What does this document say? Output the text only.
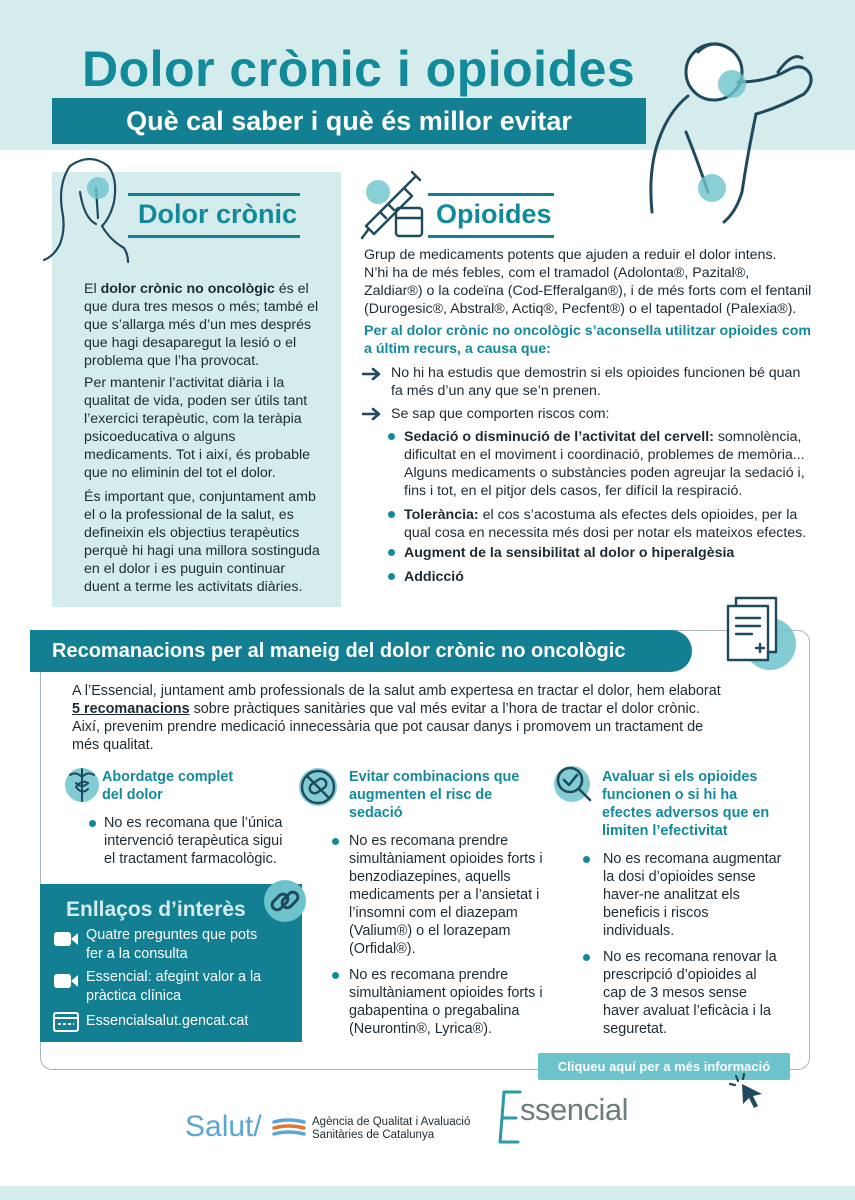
Dolor crònic i opioides
Què cal saber i què és millor evitar
Dolor crònic
El dolor crònic no oncològic és el
que dura tres mesos o més; també el
que s’allarga més d’un mes després
que hagi desaparegut la lesió o el
problema que l’ha provocat.
Per mantenir l’activitat diària i la
qualitat de vida, poden ser útils tant
l’exercici terapèutic, com la teràpia
psicoeducativa o alguns
medicaments. Tot i així, és probable
que no eliminin del tot el dolor.
És important que, conjuntament amb
el o la professional de la salut, es
defineixin els objectius terapèutics
perquè hi hagi una millora sostinguda
en el dolor i es puguin continuar
duent a terme les activitats diàries.
Opioides
Grup de medicaments potents que ajuden a reduir el dolor intens.
N’hi ha de més febles, com el tramadol (Adolonta®, Pazital®,
Zaldiar®) o la codeïna (Cod-Efferalgan®), i de més forts com el fentanil
(Durogesic®, Abstral®, Actiq®, Pecfent®) o el tapentadol (Palexia®).
Per al dolor crònic no oncològic s’aconsella utilitzar opioides com
a últim recurs, a causa que:
No hi ha estudis que demostrin si els opioides funcionen bé quan
fa més d’un any que se’n prenen.
Se sap que comporten riscos com:
Sedació o disminució de l’activitat del cervell: somnolència,
dificultat en el moviment i coordinació, problemes de memòria...
Alguns medicaments o substàncies poden agreujar la sedació i,
fins i tot, en el pitjor dels casos, fer difícil la respiració.
Tolerància: el cos s’acostuma als efectes dels opioides, per la
qual cosa en necessita més dosi per notar els mateixos efectes.
Augment de la sensibilitat al dolor o hiperalgèsia
Addicció
Recomanacions per al maneig del dolor crònic no oncològic
A l’Essencial, juntament amb professionals de la salut amb expertesa en tractar el dolor, hem elaborat
5 recomanacions sobre pràctiques sanitàries que val més evitar a l’hora de tractar el dolor crònic.
Així, prevenim prendre medicació innecessària que pot causar danys i promovem un tractament de
més qualitat.
Abordatge complet
del dolor
No es recomana que l’única
intervenció terapèutica sigui
el tractament farmacològic.
Evitar combinacions que
augmenten el risc de
sedació
No es recomana prendre
simultàniament opioides forts i
benzodiazepines, aquells
medicaments per a l’ansietat i
l’insomni com el diazepam
(Valium®) o el lorazepam
(Orfidal®).
No es recomana prendre
simultàniament opioides forts i
gabapentina o pregabalina
(Neurontin®, Lyrica®).
Avaluar si els opioides
funcionen o si hi ha
efectes adversos que en
limiten l’efectivitat
No es recomana augmentar
la dosi d’opioides sense
haver-ne analitzat els
beneficis i riscos
individuals.
No es recomana renovar la
prescripció d’opioides al
cap de 3 mesos sense
haver avaluat l’eficàcia i la
seguretat.
Enllaços d’interès
Quatre preguntes que pots
fer a la consulta
Essencial: afegint valor a la
pràctica clínica
Essencialsalut.gencat.cat
Cliqueu aquí per a més informació
Salut/	Agència de Qualitat i Avaluació
Sanitàries de Catalunya
ssencial
